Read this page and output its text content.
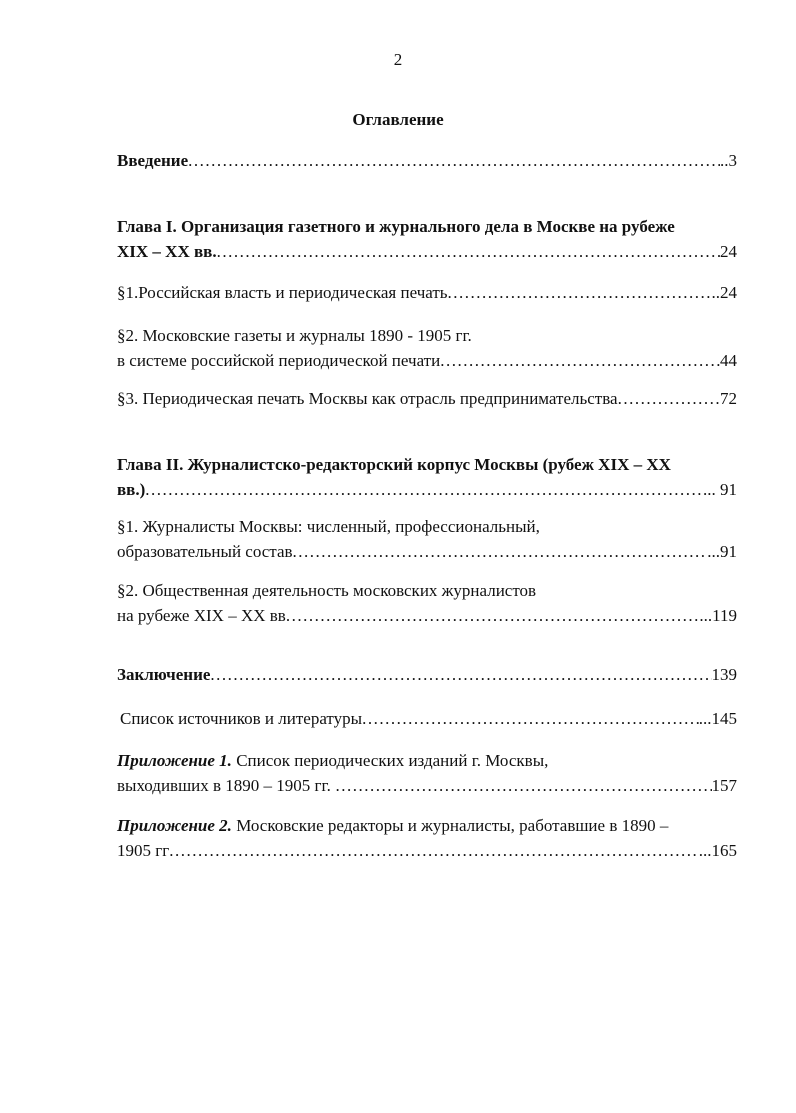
2
Оглавление
Введение .....	..3
Глава I. Организация газетного и журнального дела в Москве на рубеже
XIX – XX вв. .....	24
§1.Российская власть и периодическая печать .....	..24
§2. Московские газеты и журналы 1890 - 1905 гг.
в системе российской периодической печати .....	44
§3. Периодическая печать Москвы как отрасль предпринимательства .....	72
Глава II. Журналистско-редакторский корпус Москвы (рубеж XIX – XX
вв.) .....	... 91
§1. Журналисты Москвы: численный, профессиональный,
образовательный состав .....	...91
§2. Общественная деятельность московских журналистов
на рубеже XIX – XX вв .....	...119
Заключение .....	139
Список источников и литературы .....	...145
Приложение 1. Список периодических изданий г. Москвы,
выходивших в 1890 – 1905 гг. .....	157
Приложение 2. Московские редакторы и журналисты, работавшие в 1890 –
1905 гг .....	...165
